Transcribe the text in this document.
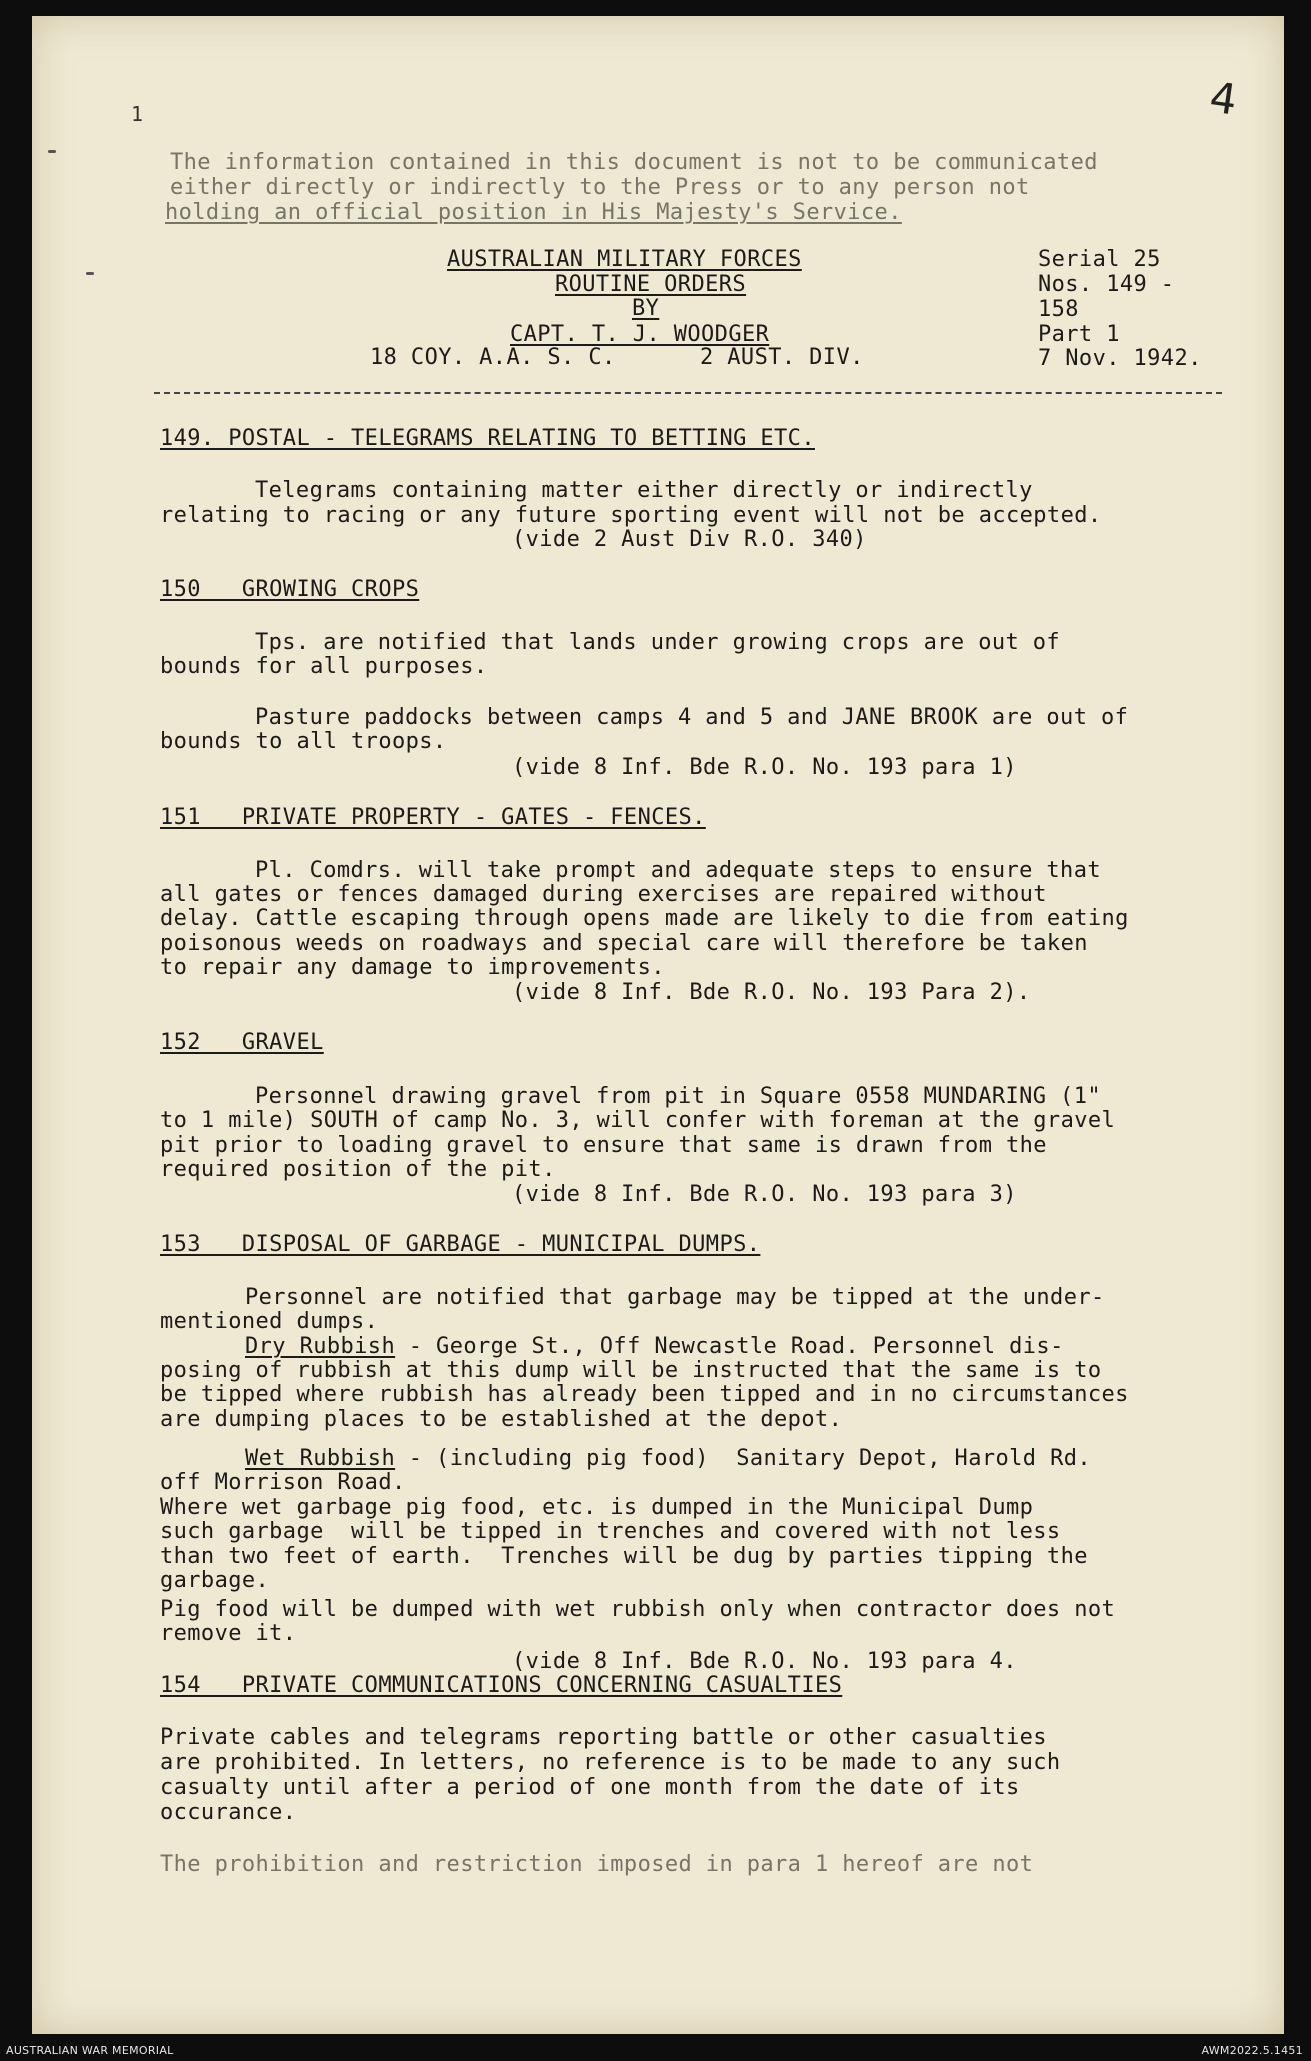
4
1

The information contained in this document is not to be communicated

either directly or indirectly to the Press or to any person not

holding an official position in His Majesty's Service.

AUSTRALIAN MILITARY FORCES

ROUTINE ORDERS

BY

CAPT. T. J. WOODGER

18 COY. A.A. S. C.	2 AUST. DIV.

Serial 25

Nos. 149 -

158

Part 1

7 Nov. 1942.

149. POSTAL - TELEGRAMS RELATING TO BETTING ETC.

Telegrams containing matter either directly or indirectly

relating to racing or any future sporting event will not be accepted.

(vide 2 Aust Div R.O. 340)

150   GROWING CROPS

Tps. are notified that lands under growing crops are out of

bounds for all purposes.

Pasture paddocks between camps 4 and 5 and JANE BROOK are out of

bounds to all troops.

(vide 8 Inf. Bde R.O. No. 193 para 1)

151   PRIVATE PROPERTY - GATES - FENCES.

Pl. Comdrs. will take prompt and adequate steps to ensure that

all gates or fences damaged during exercises are repaired without

delay. Cattle escaping through opens made are likely to die from eating

poisonous weeds on roadways and special care will therefore be taken

to repair any damage to improvements.

(vide 8 Inf. Bde R.O. No. 193 Para 2).

152   GRAVEL

Personnel drawing gravel from pit in Square 0558 MUNDARING (1"

to 1 mile) SOUTH of camp No. 3, will confer with foreman at the gravel

pit prior to loading gravel to ensure that same is drawn from the

required position of the pit.

(vide 8 Inf. Bde R.O. No. 193 para 3)

153   DISPOSAL OF GARBAGE - MUNICIPAL DUMPS.

Personnel are notified that garbage may be tipped at the under-

mentioned dumps.

Dry Rubbish - George St., Off Newcastle Road. Personnel dis-

posing of rubbish at this dump will be instructed that the same is to

be tipped where rubbish has already been tipped and in no circumstances

are dumping places to be established at the depot.

Wet Rubbish - (including pig food)  Sanitary Depot, Harold Rd.

off Morrison Road.

Where wet garbage pig food, etc. is dumped in the Municipal Dump

such garbage  will be tipped in trenches and covered with not less

than two feet of earth.  Trenches will be dug by parties tipping the

garbage.

Pig food will be dumped with wet rubbish only when contractor does not

remove it.

(vide 8 Inf. Bde R.O. No. 193 para 4.

154   PRIVATE COMMUNICATIONS CONCERNING CASUALTIES

Private cables and telegrams reporting battle or other casualties

are prohibited. In letters, no reference is to be made to any such

casualty until after a period of one month from the date of its

occurance.

The prohibition and restriction imposed in para 1 hereof are not

AUSTRALIAN WAR MEMORIAL	AWM2022.5.1451
